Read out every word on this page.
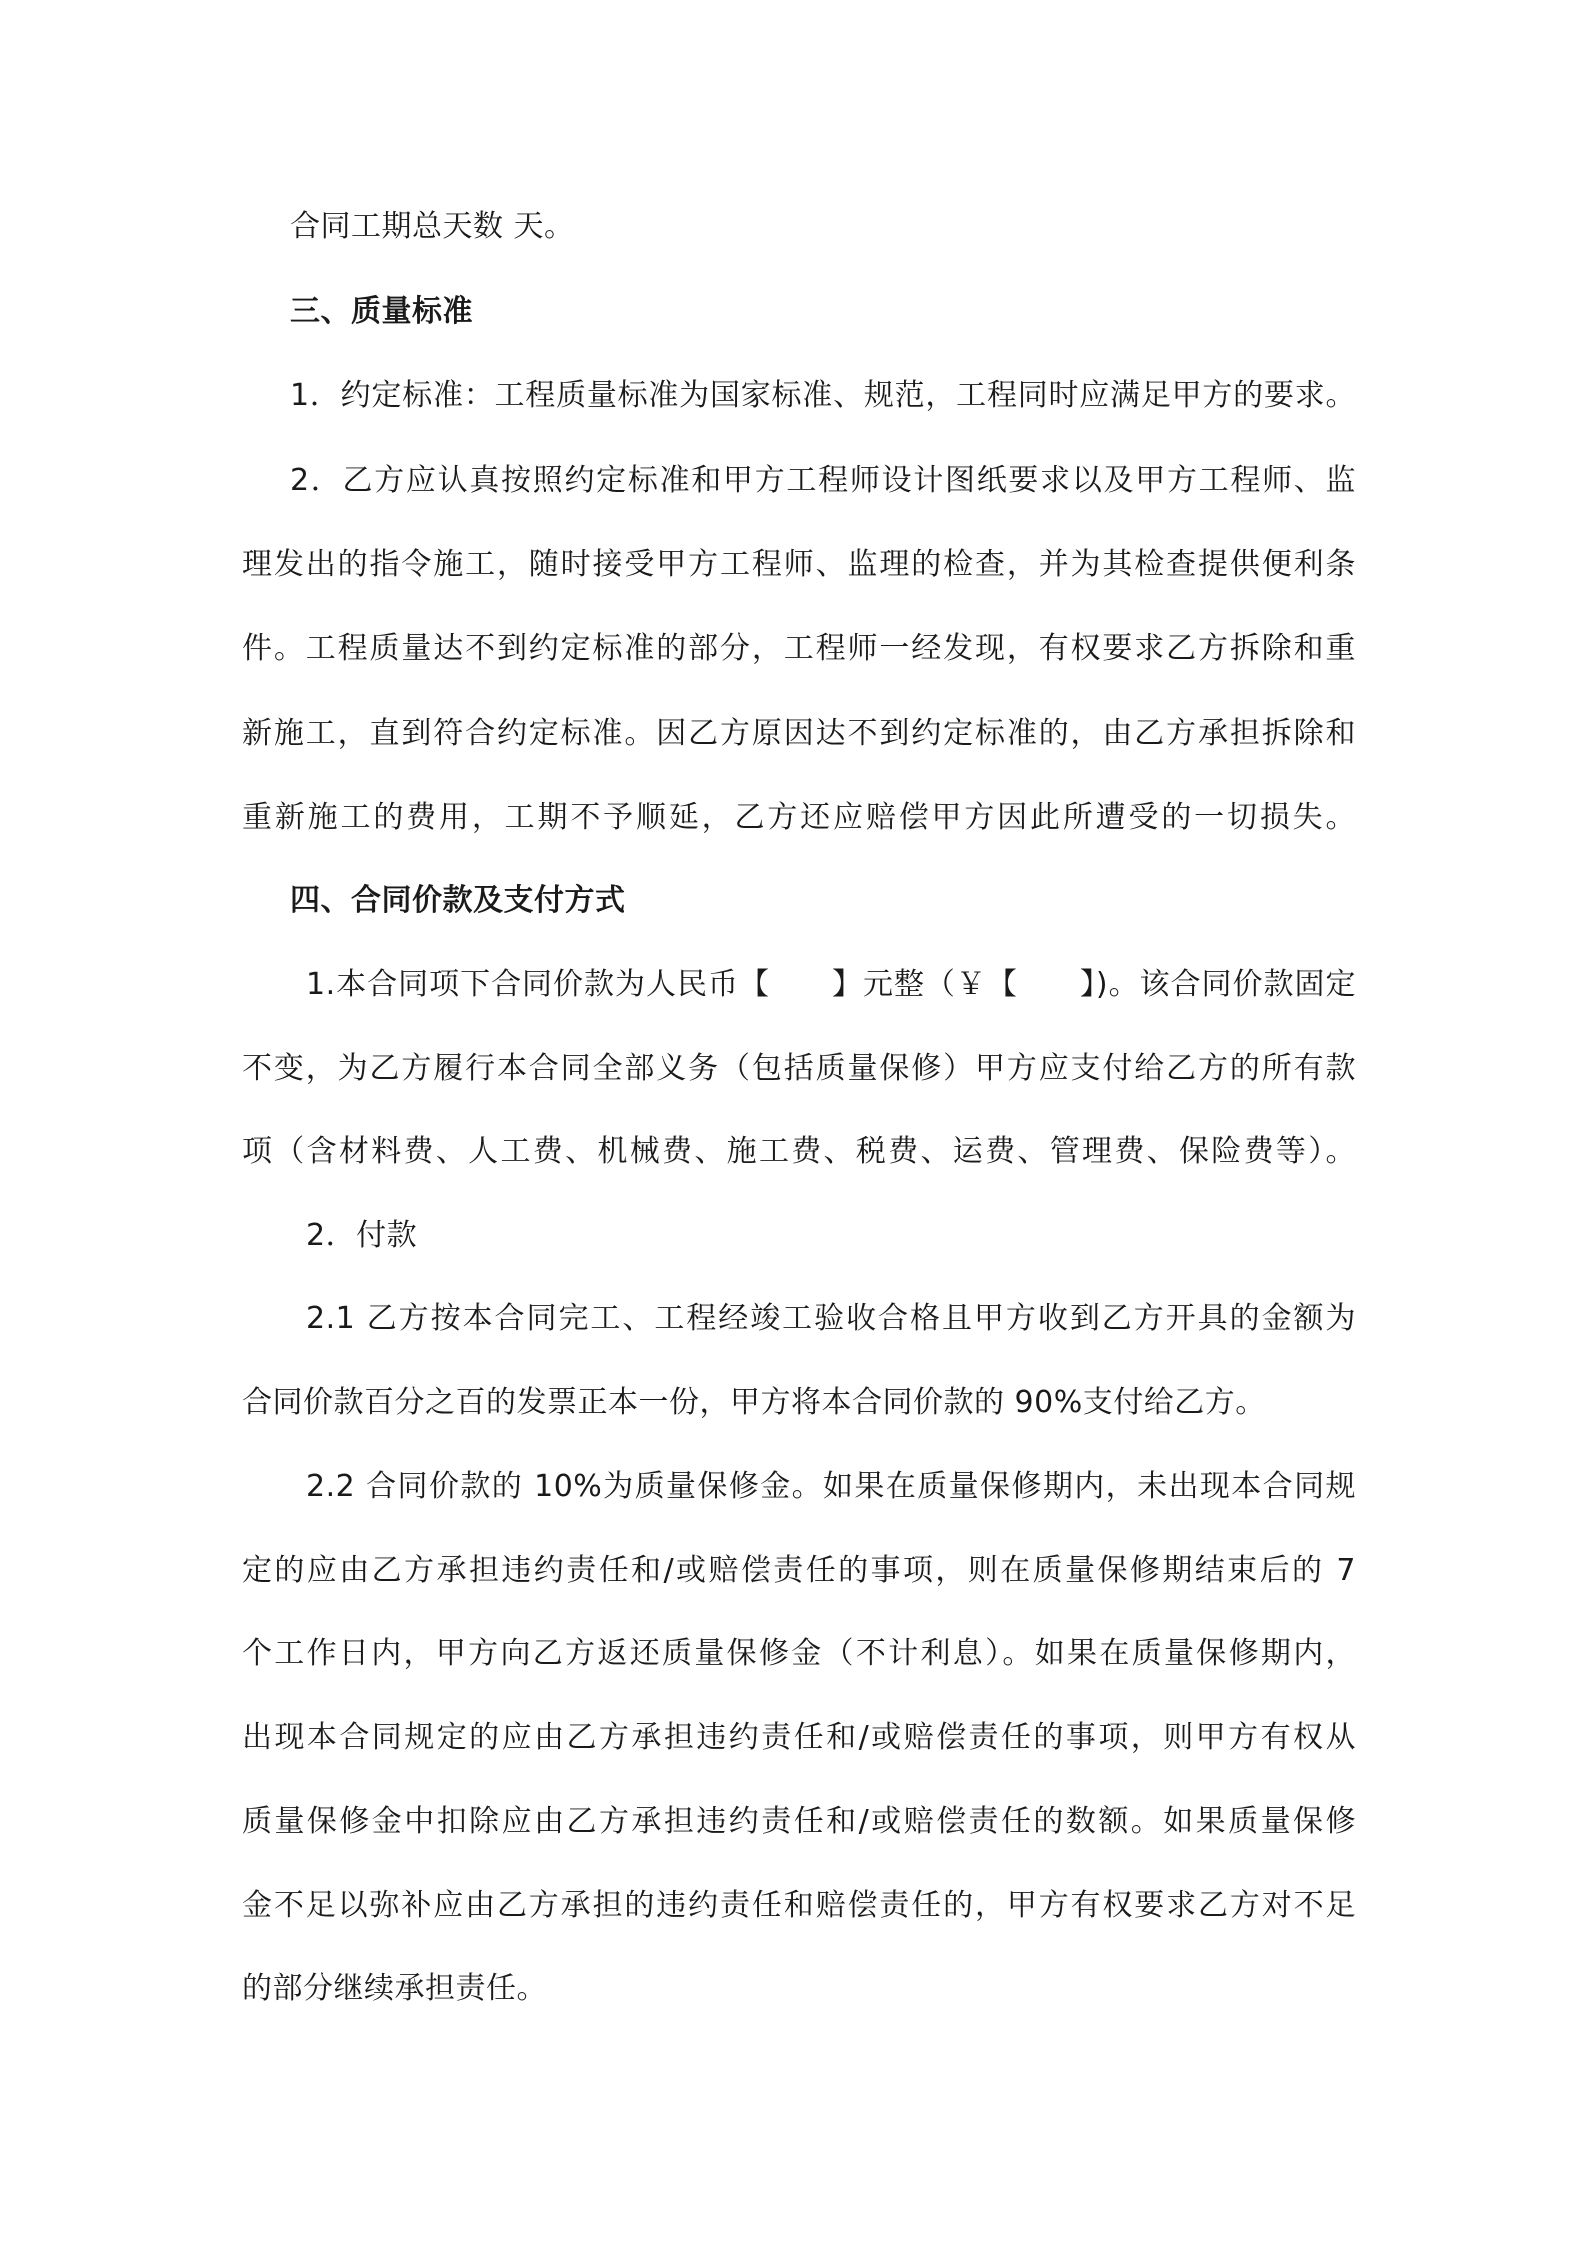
合同工期总天数 天。
三、质量标准
1．约定标准：工程质量标准为国家标准、规范，工程同时应满足甲方的要求。
2．乙方应认真按照约定标准和甲方工程师设计图纸要求以及甲方工程师、监
理发出的指令施工，随时接受甲方工程师、监理的检查，并为其检查提供便利条
件。工程质量达不到约定标准的部分，工程师一经发现，有权要求乙方拆除和重
新施工，直到符合约定标准。因乙方原因达不到约定标准的，由乙方承担拆除和
重新施工的费用，工期不予顺延，乙方还应赔偿甲方因此所遭受的一切损失。
四、合同价款及支付方式
1.本合同项下合同价款为人民币【　　】元整（￥【　　】)。该合同价款固定
不变，为乙方履行本合同全部义务（包括质量保修）甲方应支付给乙方的所有款
项（含材料费、人工费、机械费、施工费、税费、运费、管理费、保险费等）。
2．付款
2.1 乙方按本合同完工、工程经竣工验收合格且甲方收到乙方开具的金额为
合同价款百分之百的发票正本一份，甲方将本合同价款的 90%支付给乙方。
2.2 合同价款的 10%为质量保修金。如果在质量保修期内，未出现本合同规
定的应由乙方承担违约责任和/或赔偿责任的事项，则在质量保修期结束后的 7
个工作日内，甲方向乙方返还质量保修金（不计利息）。如果在质量保修期内，
出现本合同规定的应由乙方承担违约责任和/或赔偿责任的事项，则甲方有权从
质量保修金中扣除应由乙方承担违约责任和/或赔偿责任的数额。如果质量保修
金不足以弥补应由乙方承担的违约责任和赔偿责任的，甲方有权要求乙方对不足
的部分继续承担责任。
